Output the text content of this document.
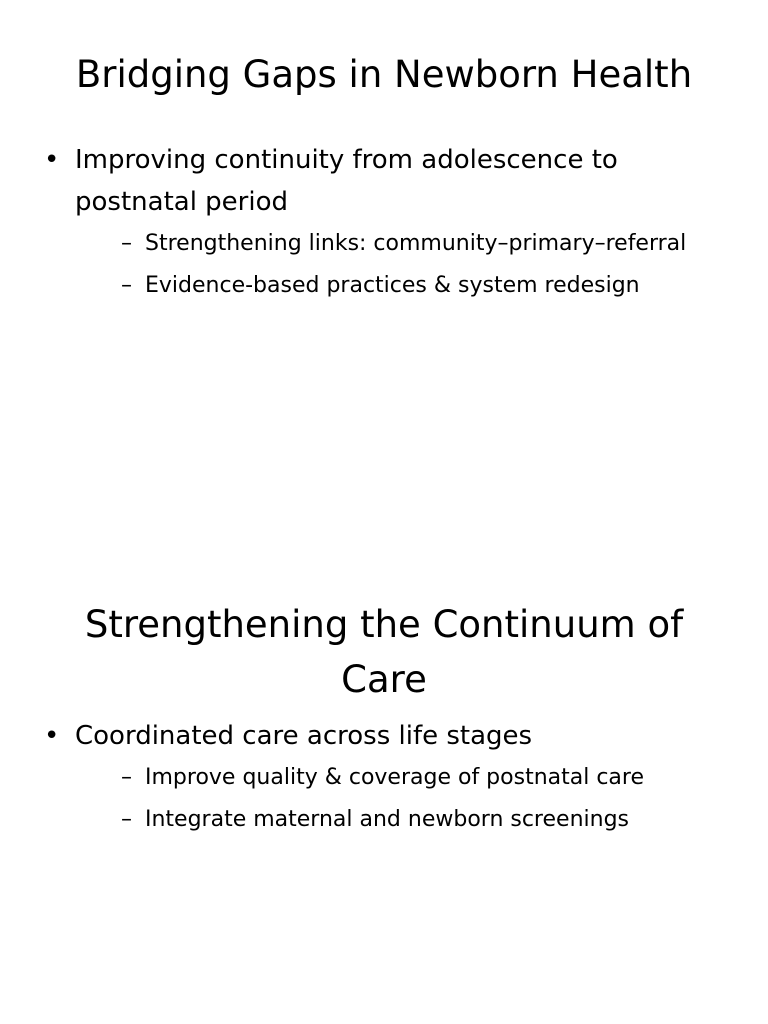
Bridging Gaps in Newborn Health
• Improving continuity from adolescence to postnatal period
– Strengthening links: community–primary–referral
– Evidence-based practices & system redesign
Strengthening the Continuum of Care
• Coordinated care across life stages
– Improve quality & coverage of postnatal care
– Integrate maternal and newborn screenings
